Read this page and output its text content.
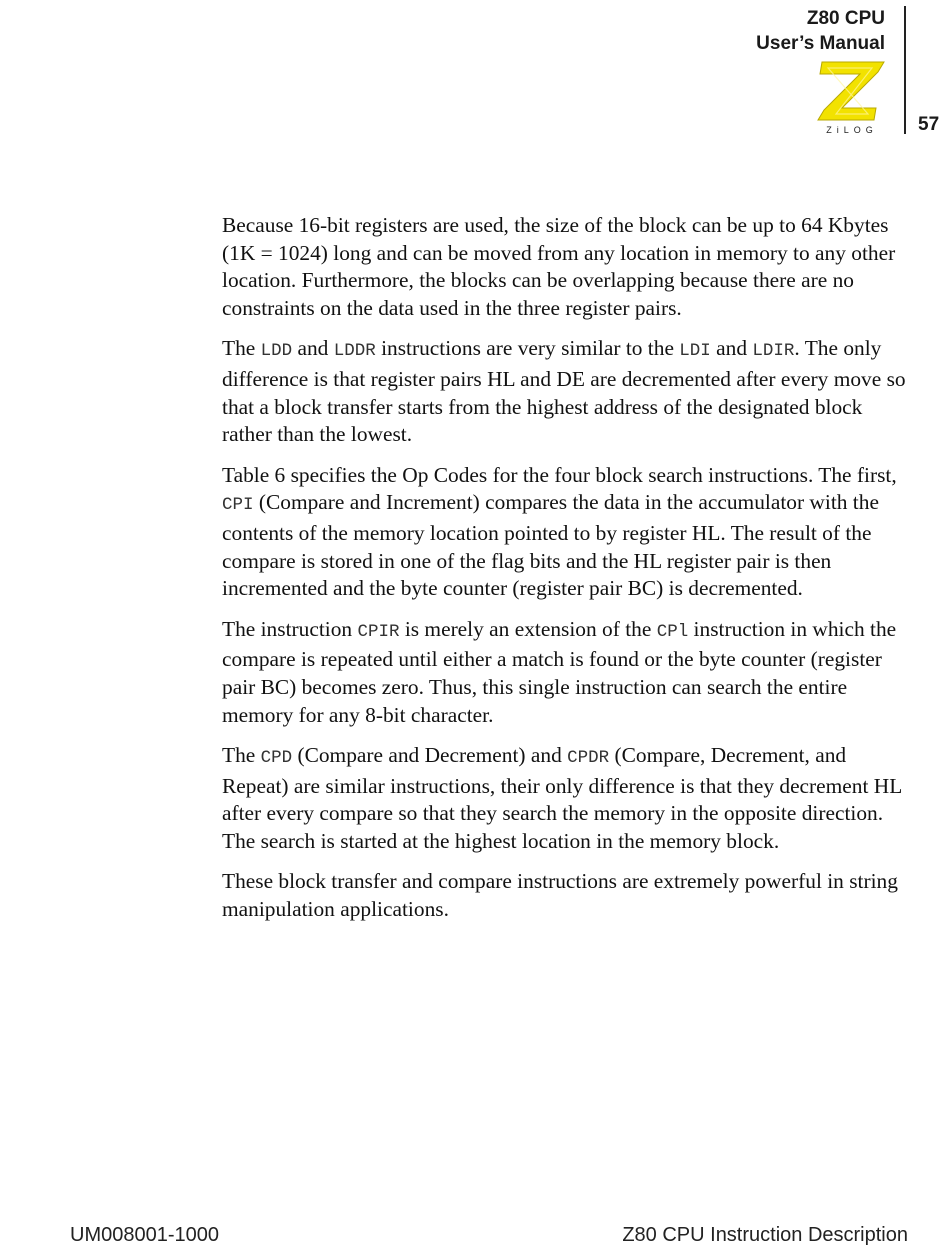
Z80 CPU
User’s Manual
ZiLOG 57

Because 16-bit registers are used, the size of the block can be up to 64 Kbytes (1K = 1024) long and can be moved from any location in memory to any other location. Furthermore, the blocks can be overlapping because there are no constraints on the data used in the three register pairs.

The LDD and LDDR instructions are very similar to the LDI and LDIR. The only difference is that register pairs HL and DE are decremented after every move so that a block transfer starts from the highest address of the designated block rather than the lowest.

Table 6 specifies the Op Codes for the four block search instructions. The first, CPI (Compare and Increment) compares the data in the accumulator with the contents of the memory location pointed to by register HL. The result of the compare is stored in one of the flag bits and the HL register pair is then incremented and the byte counter (register pair BC) is decremented.

The instruction CPIR is merely an extension of the CPl instruction in which the compare is repeated until either a match is found or the byte counter (register pair BC) becomes zero. Thus, this single instruction can search the entire memory for any 8-bit character.

The CPD (Compare and Decrement) and CPDR (Compare, Decrement, and Repeat) are similar instructions, their only difference is that they decrement HL after every compare so that they search the memory in the opposite direction. The search is started at the highest location in the memory block.

These block transfer and compare instructions are extremely powerful in string manipulation applications.

UM008001-1000	Z80 CPU Instruction Description
